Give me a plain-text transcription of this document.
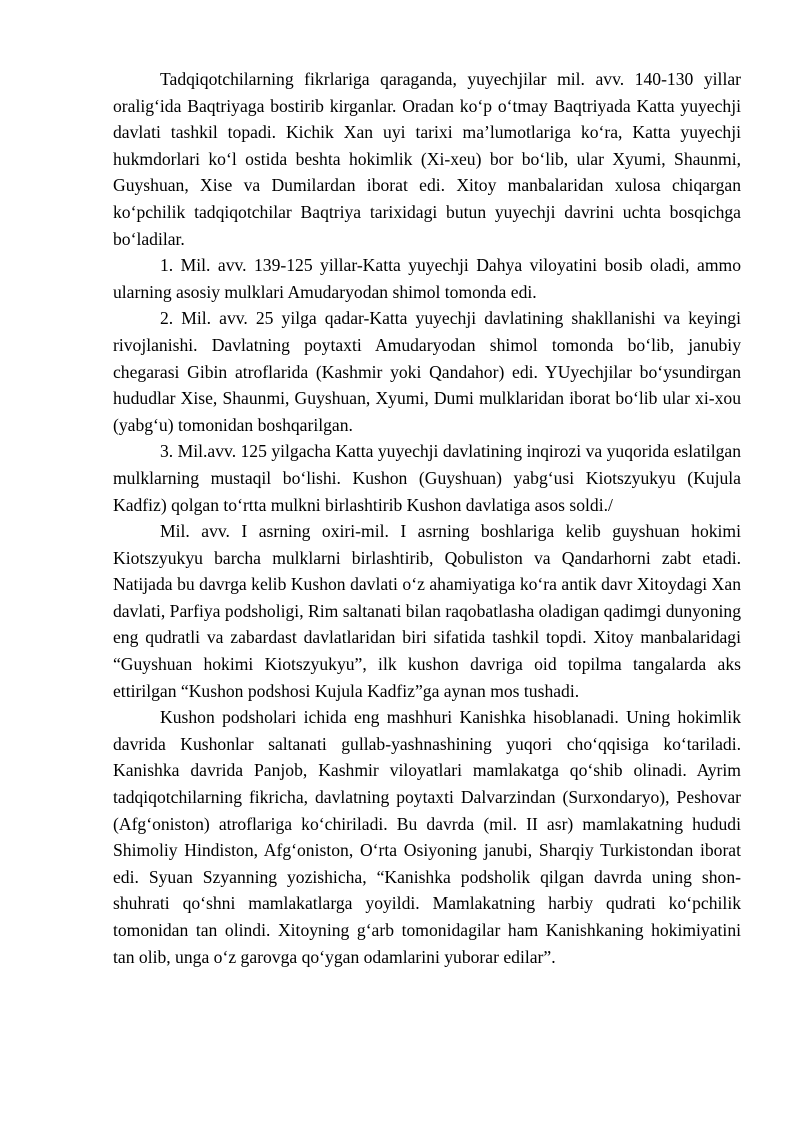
Tadqiqotchilarning fikrlariga qaraganda, yuyechjilar mil. avv. 140-130 yillar oralig‘ida Baqtriyaga bostirib kirganlar. Oradan ko‘p o‘tmay Baqtriyada Katta yuyechji davlati tashkil topadi. Kichik Xan uyi tarixi ma’lumotlariga ko‘ra, Katta yuyechji hukmdorlari ko‘l ostida beshta hokimlik (Xi-xeu) bor bo‘lib, ular Xyumi, Shaunmi, Guyshuan, Xise va Dumilardan iborat edi. Xitoy manbalaridan xulosa chiqargan ko‘pchilik tadqiqotchilar Baqtriya tarixidagi butun yuyechji davrini uchta bosqichga bo‘ladilar.

1. Mil. avv. 139-125 yillar-Katta yuyechji Dahya viloyatini bosib oladi, ammo ularning asosiy mulklari Amudaryodan shimol tomonda edi.

2. Mil. avv. 25 yilga qadar-Katta yuyechji davlatining shakllanishi va keyingi rivojlanishi. Davlatning poytaxti Amudaryodan shimol tomonda bo‘lib, janubiy chegarasi Gibin atroflarida (Kashmir yoki Qandahor) edi. YUyechjilar bo‘ysundirgan hududlar Xise, Shaunmi, Guyshuan, Xyumi, Dumi mulklaridan iborat bo‘lib ular xi-xou (yabg‘u) tomonidan boshqarilgan.

3. Mil.avv. 125 yilgacha Katta yuyechji davlatining inqirozi va yuqorida eslatilgan mulklarning mustaqil bo‘lishi. Kushon (Guyshuan) yabg‘usi Kiotszyukyu (Kujula Kadfiz) qolgan to‘rtta mulkni birlashtirib Kushon davlatiga asos soldi./

Mil. avv. I asrning oxiri-mil. I asrning boshlariga kelib guyshuan hokimi Kiotszyukyu barcha mulklarni birlashtirib, Qobuliston va Qandarhorni zabt etadi. Natijada bu davrga kelib Kushon davlati o‘z ahamiyatiga ko‘ra antik davr Xitoydagi Xan davlati, Parfiya podsholigi, Rim saltanati bilan raqobatlasha oladigan qadimgi dunyoning eng qudratli va zabardast davlatlaridan biri sifatida tashkil topdi. Xitoy manbalaridagi “Guyshuan hokimi Kiotszyukyu”, ilk kushon davriga oid topilma tangalarda aks ettirilgan “Kushon podshosi Kujula Kadfiz”ga aynan mos tushadi.

Kushon podsholari ichida eng mashhuri Kanishka hisoblanadi. Uning hokimlik davrida Kushonlar saltanati gullab-yashnashining yuqori cho‘qqisiga ko‘tariladi. Kanishka davrida Panjob, Kashmir viloyatlari mamlakatga qo‘shib olinadi. Ayrim tadqiqotchilarning fikricha, davlatning poytaxti Dalvarzindan (Surxondaryo), Peshovar (Afg‘oniston) atroflariga ko‘chiriladi. Bu davrda (mil. II asr) mamlakatning hududi Shimoliy Hindiston, Afg‘oniston, O‘rta Osiyoning janubi, Sharqiy Turkistondan iborat edi. Syuan Szyanning yozishicha, “Kanishka podsholik qilgan davrda uning shon-shuhrati qo‘shni mamlakatlarga yoyildi. Mamlakatning harbiy qudrati ko‘pchilik tomonidan tan olindi. Xitoyning g‘arb tomonidagilar ham Kanishkaning hokimiyatini tan olib, unga o‘z garovga qo‘ygan odamlarini yuborar edilar”.
